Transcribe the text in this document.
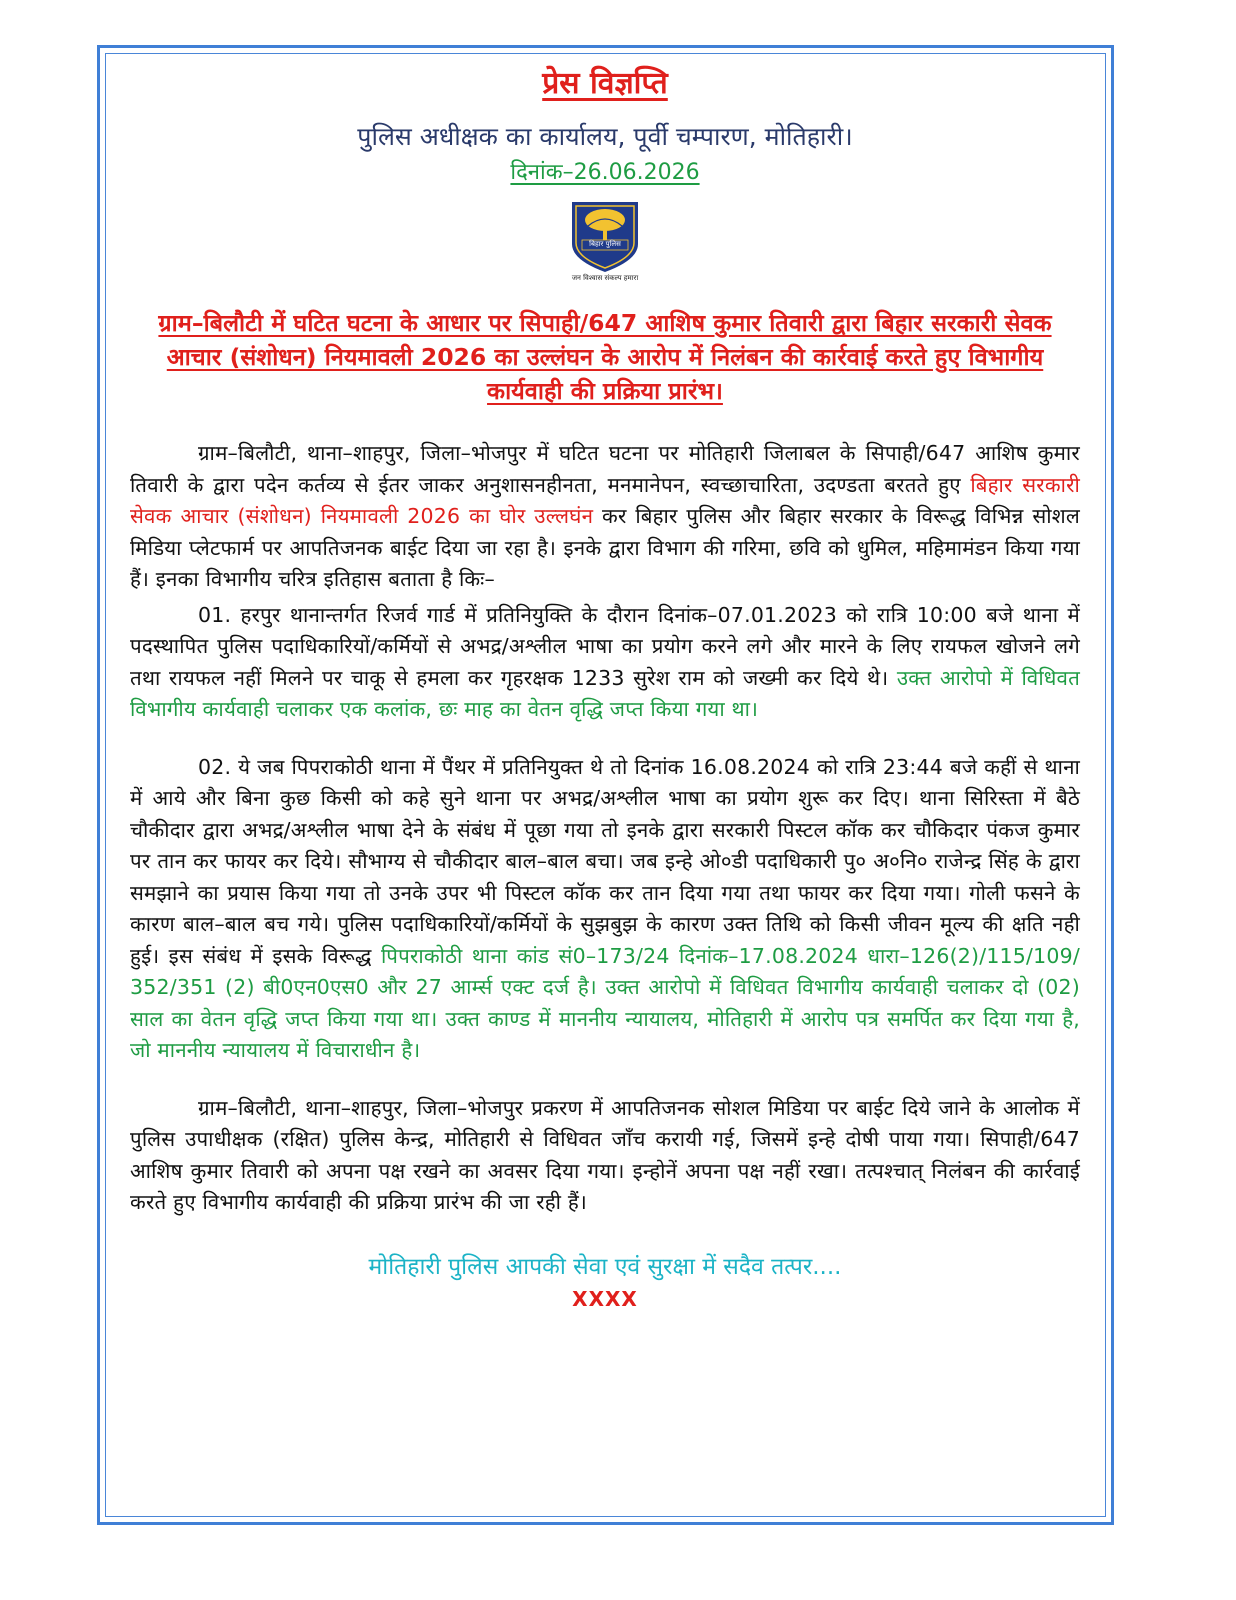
प्रेस विज्ञप्ति
पुलिस अधीक्षक का कार्यालय, पूर्वी चम्पारण, मोतिहारी।
दिनांक–26.06.2026
बिहार पुलिस
जन विश्वास संकल्प हमारा
ग्राम–बिलौटी में घटित घटना के आधार पर सिपाही/647 आशिष कुमार तिवारी द्वारा बिहार सरकारी सेवक आचार (संशोधन) नियमावली 2026 का उल्लंघन के आरोप में निलंबन की कार्रवाई करते हुए विभागीय कार्यवाही की प्रक्रिया प्रारंभ।

ग्राम–बिलौटी, थाना–शाहपुर, जिला–भोजपुर में घटित घटना पर मोतिहारी जिलाबल के सिपाही/647 आशिष कुमार तिवारी के द्वारा पदेन कर्तव्य से ईतर जाकर अनुशासनहीनता, मनमानेपन, स्वच्छाचारिता, उदण्डता बरतते हुए बिहार सरकारी सेवक आचार (संशोधन) नियमावली 2026 का घोर उल्लघंन कर बिहार पुलिस और बिहार सरकार के विरूद्ध विभिन्न सोशल मिडिया प्लेटफार्म पर आपतिजनक बाईट दिया जा रहा है। इनके द्वारा विभाग की गरिमा, छवि को धुमिल, महिमामंडन किया गया हैं। इनका विभागीय चरित्र इतिहास बताता है किः–

01. हरपुर थानान्तर्गत रिजर्व गार्ड में प्रतिनियुक्ति के दौरान दिनांक–07.01.2023 को रात्रि 10:00 बजे थाना में पदस्थापित पुलिस पदाधिकारियों/कर्मियों से अभद्र/अश्लील भाषा का प्रयोग करने लगे और मारने के लिए रायफल खोजने लगे तथा रायफल नहीं मिलने पर चाकू से हमला कर गृहरक्षक 1233 सुरेश राम को जख्मी कर दिये थे। उक्त आरोपो में विधिवत विभागीय कार्यवाही चलाकर एक कलांक, छः माह का वेतन वृद्धि जप्त किया गया था।

02. ये जब पिपराकोठी थाना में पैंथर में प्रतिनियुक्त थे तो दिनांक 16.08.2024 को रात्रि 23:44 बजे कहीं से थाना में आये और बिना कुछ किसी को कहे सुने थाना पर अभद्र/अश्लील भाषा का प्रयोग शुरू कर दिए। थाना सिरिस्ता में बैठे चौकीदार द्वारा अभद्र/अश्लील भाषा देने के संबंध में पूछा गया तो इनके द्वारा सरकारी पिस्टल कॉक कर चौकिदार पंकज कुमार पर तान कर फायर कर दिये। सौभाग्य से चौकीदार बाल–बाल बचा। जब इन्हे ओ०डी पदाधिकारी पु० अ०नि० राजेन्द्र सिंह के द्वारा समझाने का प्रयास किया गया तो उनके उपर भी पिस्टल कॉक कर तान दिया गया तथा फायर कर दिया गया। गोली फसने के कारण बाल–बाल बच गये। पुलिस पदाधिकारियों/कर्मियों के सुझबुझ के कारण उक्त तिथि को किसी जीवन मूल्य की क्षति नही हुई। इस संबंध में इसके विरूद्ध पिपराकोठी थाना कांड सं0–173/24 दिनांक–17.08.2024 धारा–126(2)/115/109/ 352/351 (2) बी0एन0एस0 और 27 आर्म्स एक्ट दर्ज है। उक्त आरोपो में विधिवत विभागीय कार्यवाही चलाकर दो (02) साल का वेतन वृद्धि जप्त किया गया था। उक्त काण्ड में माननीय न्यायालय, मोतिहारी में आरोप पत्र समर्पित कर दिया गया है, जो माननीय न्यायालय में विचाराधीन है।

ग्राम–बिलौटी, थाना–शाहपुर, जिला–भोजपुर प्रकरण में आपतिजनक सोशल मिडिया पर बाईट दिये जाने के आलोक में पुलिस उपाधीक्षक (रक्षित) पुलिस केन्द्र, मोतिहारी से विधिवत जाँच करायी गई, जिसमें इन्हे दोषी पाया गया। सिपाही/647 आशिष कुमार तिवारी को अपना पक्ष रखने का अवसर दिया गया। इन्होनें अपना पक्ष नहीं रखा। तत्पश्चात् निलंबन की कार्रवाई करते हुए विभागीय कार्यवाही की प्रक्रिया प्रारंभ की जा रही हैं।

मोतिहारी पुलिस आपकी सेवा एवं सुरक्षा में सदैव तत्पर....
XXXX
